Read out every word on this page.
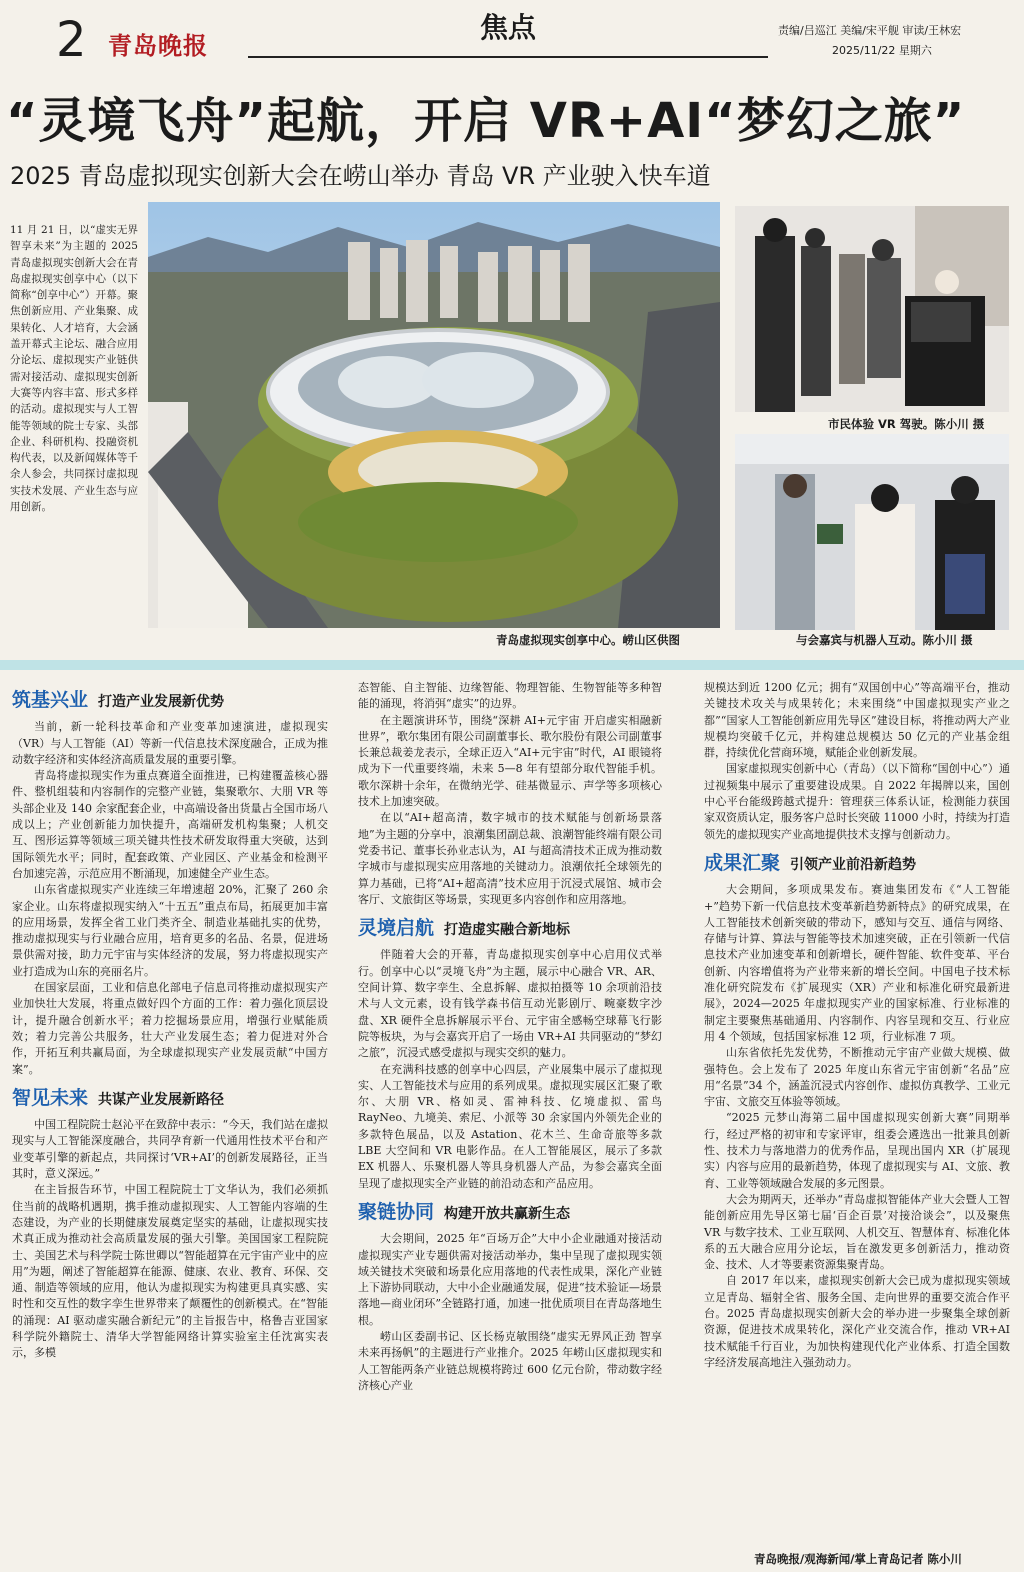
2 青岛晚报
焦点	责编/吕巡江 美编/宋平舰 审读/王林宏
2025/11/22 星期六
“灵境飞舟”起航，开启 VR+AI“梦幻之旅”
2025 青岛虚拟现实创新大会在崂山举办 青岛 VR 产业驶入快车道
11 月 21 日，以“虚实无界 智享未来”为主题的 2025 青岛虚拟现实创新大会在青岛虚拟现实创享中心（以下简称“创享中心”）开幕。聚焦创新应用、产业集聚、成果转化、人才培育，大会涵盖开幕式主论坛、融合应用分论坛、虚拟现实产业链供需对接活动、虚拟现实创新大赛等内容丰富、形式多样的活动。虚拟现实与人工智能等领域的院士专家、头部企业、科研机构、投融资机构代表，以及新闻媒体等千余人参会，共同探讨虚拟现实技术发展、产业生态与应用创新。
青岛虚拟现实创享中心。崂山区供图
市民体验 VR 驾驶。陈小川 摄
与会嘉宾与机器人互动。陈小川 摄
筑基兴业 打造产业发展新优势

当前，新一轮科技革命和产业变革加速演进，虚拟现实（VR）与人工智能（AI）等新一代信息技术深度融合，正成为推动数字经济和实体经济高质量发展的重要引擎。

青岛将虚拟现实作为重点赛道全面推进，已构建覆盖核心器件、整机组装和内容制作的完整产业链，集聚歌尔、大朋 VR 等头部企业及 140 余家配套企业，中高端设备出货量占全国市场八成以上；产业创新能力加快提升，高端研发机构集聚；人机交互、图形运算等领域三项关键共性技术研发取得重大突破，达到国际领先水平；同时，配套政策、产业园区、产业基金和检测平台加速完善，示范应用不断涌现，加速健全产业生态。

山东省虚拟现实产业连续三年增速超 20%，汇聚了 260 余家企业。山东将虚拟现实纳入“十五五”重点布局，拓展更加丰富的应用场景，发挥全省工业门类齐全、制造业基础扎实的优势，推动虚拟现实与行业融合应用，培育更多的名品、名景，促进场景供需对接，助力元宇宙与实体经济的发展，努力将虚拟现实产业打造成为山东的亮丽名片。

在国家层面，工业和信息化部电子信息司将推动虚拟现实产业加快壮大发展，将重点做好四个方面的工作：着力强化顶层设计，提升融合创新水平；着力挖掘场景应用，增强行业赋能质效；着力完善公共服务，壮大产业发展生态；着力促进对外合作，开拓互利共赢局面，为全球虚拟现实产业发展贡献“中国方案”。

智见未来 共谋产业发展新路径

中国工程院院士赵沁平在致辞中表示：“今天，我们站在虚拟现实与人工智能深度融合，共同孕育新一代通用性技术平台和产业变革引擎的新起点，共同探讨‘VR+AI’的创新发展路径，正当其时，意义深远。”

在主旨报告环节，中国工程院院士丁文华认为，我们必须抓住当前的战略机遇期，携手推动虚拟现实、人工智能内容端的生态建设，为产业的长期健康发展奠定坚实的基础，让虚拟现实技术真正成为推动社会高质量发展的强大引擎。美国国家工程院院士、美国艺术与科学院士陈世卿以“智能超算在元宇宙产业中的应用”为题，阐述了智能超算在能源、健康、农业、教育、环保、交通、制造等领域的应用，他认为虚拟现实为构建更具真实感、实时性和交互性的数字孪生世界带来了颠覆性的创新模式。在“智能的涌现：AI 驱动虚实融合新纪元”的主旨报告中，格鲁吉亚国家科学院外籍院士、清华大学智能网络计算实验室主任沈寓实表示，多模

态智能、自主智能、边缘智能、物理智能、生物智能等多种智能的涌现，将消弭“虚实”的边界。

在主题演讲环节，围绕“深耕 AI+元宇宙 开启虚实相融新世界”，歌尔集团有限公司副董事长、歌尔股份有限公司副董事长兼总裁姜龙表示，全球正迈入“AI+元宇宙”时代，AI 眼镜将成为下一代重要终端，未来 5—8 年有望部分取代智能手机。歌尔深耕十余年，在微纳光学、硅基微显示、声学等多项核心技术上加速突破。

在以“AI+超高清，数字城市的技术赋能与创新场景落地”为主题的分享中，浪潮集团副总裁、浪潮智能终端有限公司党委书记、董事长孙业志认为，AI 与超高清技术正成为推动数字城市与虚拟现实应用落地的关键动力。浪潮依托全球领先的算力基础，已将“AI+超高清”技术应用于沉浸式展馆、城市会客厅、文旅街区等场景，实现更多内容创作和应用落地。

灵境启航 打造虚实融合新地标

伴随着大会的开幕，青岛虚拟现实创享中心启用仪式举行。创享中心以“灵境飞舟”为主题，展示中心融合 VR、AR、空间计算、数字孪生、全息拆解、虚拟拍摄等 10 余项前沿技术与人文元素，设有钱学森书信互动光影剧厅、畹豪数字沙盘、XR 硬件全息拆解展示平台、元宇宙全感畅空球幕飞行影院等板块，为与会嘉宾开启了一场由 VR+AI 共同驱动的“梦幻之旅”，沉浸式感受虚拟与现实交织的魅力。

在充满科技感的创享中心四层，产业展集中展示了虚拟现实、人工智能技术与应用的系列成果。虚拟现实展区汇聚了歌尔、大朋 VR、格如灵、雷神科技、亿境虚拟、雷鸟 RayNeo、九境美、索尼、小派等 30 余家国内外领先企业的多款特色展品，以及 Astation、花木兰、生命奇旅等多款 LBE 大空间和 VR 电影作品。在人工智能展区，展示了多款 EX 机器人、乐聚机器人等具身机器人产品，为参会嘉宾全面呈现了虚拟现实全产业链的前沿动态和产品应用。

聚链协同 构建开放共赢新生态

大会期间，2025 年“百场万企”大中小企业融通对接活动虚拟现实产业专题供需对接活动举办，集中呈现了虚拟现实领域关键技术突破和场景化应用落地的代表性成果，深化产业链上下游协同联动，大中小企业融通发展，促进“技术验证—场景落地—商业闭环”全链路打通，加速一批优质项目在青岛落地生根。

崂山区委副书记、区长杨克敏围绕“虚实无界风正劲 智享未来再扬帆”的主题进行产业推介。2025 年崂山区虚拟现实和人工智能两条产业链总规模将跨过 600 亿元台阶，带动数字经济核心产业

规模达到近 1200 亿元；拥有“双国创中心”等高端平台，推动关键技术攻关与成果转化；未来围绕“中国虚拟现实产业之都”“国家人工智能创新应用先导区”建设目标，将推动两大产业规模均突破千亿元，并构建总规模达 50 亿元的产业基金组群，持续优化营商环境，赋能企业创新发展。

国家虚拟现实创新中心（青岛）（以下简称“国创中心”）通过视频集中展示了重要建设成果。自 2022 年揭牌以来，国创中心平台能级跨越式提升：管理获三体系认证，检测能力获国家双资质认定，服务客户总时长突破 11000 小时，持续为打造领先的虚拟现实产业高地提供技术支撑与创新动力。

成果汇聚 引领产业前沿新趋势

大会期间，多项成果发布。赛迪集团发布《“人工智能+”趋势下新一代信息技术变革新趋势新特点》的研究成果，在人工智能技术创新突破的带动下，感知与交互、通信与网络、存储与计算、算法与智能等技术加速突破，正在引领新一代信息技术产业加速变革和创新增长，硬件智能、软件变革、平台创新、内容增值将为产业带来新的增长空间。中国电子技术标准化研究院发布《扩展现实（XR）产业和标准化研究最新进展》，2024—2025 年虚拟现实产业的国家标准、行业标准的制定主要聚焦基础通用、内容制作、内容呈现和交互、行业应用 4 个领域，包括国家标准 12 项，行业标准 7 项。

山东省依托先发优势，不断推动元宇宙产业做大规模、做强特色。会上发布了 2025 年度山东省元宇宙创新“名品”应用“名景”34 个，涵盖沉浸式内容创作、虚拟仿真教学、工业元宇宙、文旅交互体验等领域。

“2025 元梦山海第二届中国虚拟现实创新大赛”同期举行，经过严格的初审和专家评审，组委会遴选出一批兼具创新性、技术力与落地潜力的优秀作品，呈现出国内 XR（扩展现实）内容与应用的最新趋势，体现了虚拟现实与 AI、文旅、教育、工业等领域融合发展的多元图景。

大会为期两天，还举办“青岛虚拟智能体产业大会暨人工智能创新应用先导区第七届‘百企百景’对接洽谈会”，以及聚焦 VR 与数字技术、工业互联网、人机交互、智慧体育、标准化体系的五大融合应用分论坛，旨在激发更多创新活力，推动资金、技术、人才等要素资源集聚青岛。

自 2017 年以来，虚拟现实创新大会已成为虚拟现实领域立足青岛、辐射全省、服务全国、走向世界的重要交流合作平台。2025 青岛虚拟现实创新大会的举办进一步聚集全球创新资源，促进技术成果转化，深化产业交流合作，推动 VR+AI 技术赋能千行百业，为加快构建现代化产业体系、打造全国数字经济发展高地注入强劲动力。

青岛晚报/观海新闻/掌上青岛记者 陈小川
